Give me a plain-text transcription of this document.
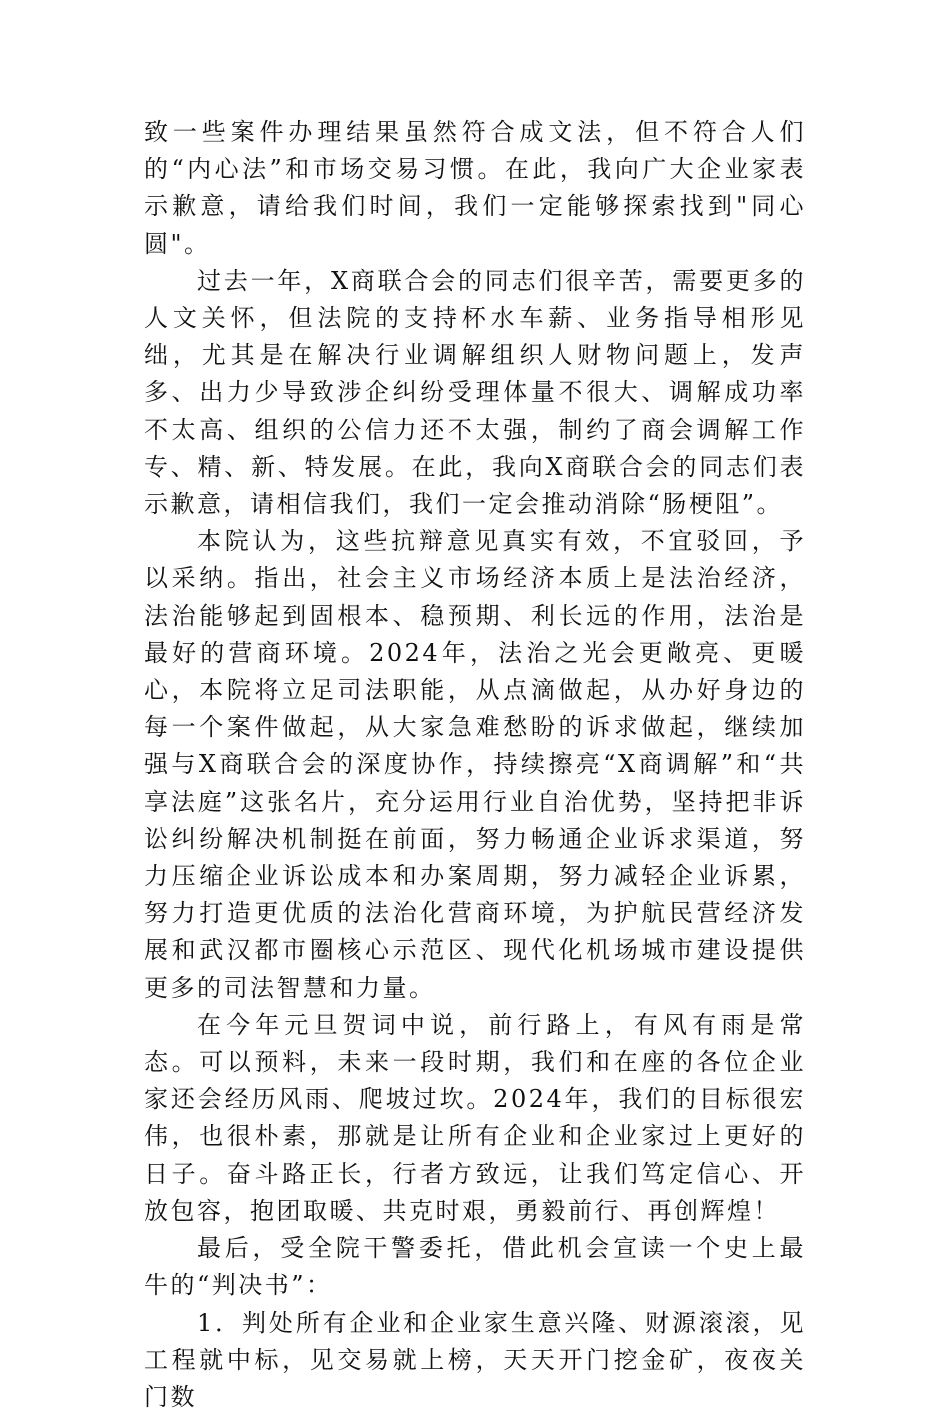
致一些案件办理结果虽然符合成文法，但不符合人们的“内心法”和市场交易习惯。在此，我向广大企业家表示歉意，请给我们时间，我们一定能够探索找到"同心圆"。

过去一年，X商联合会的同志们很辛苦，需要更多的人文关怀，但法院的支持杯水车薪、业务指导相形见绌，尤其是在解决行业调解组织人财物问题上，发声多、出力少导致涉企纠纷受理体量不很大、调解成功率不太高、组织的公信力还不太强，制约了商会调解工作专、精、新、特发展。在此，我向X商联合会的同志们表示歉意，请相信我们，我们一定会推动消除“肠梗阻”。

本院认为，这些抗辩意见真实有效，不宜驳回，予以采纳。指出，社会主义市场经济本质上是法治经济，法治能够起到固根本、稳预期、利长远的作用，法治是最好的营商环境。2024年，法治之光会更敞亮、更暖心，本院将立足司法职能，从点滴做起，从办好身边的每一个案件做起，从大家急难愁盼的诉求做起，继续加强与X商联合会的深度协作，持续擦亮“X商调解”和“共享法庭”这张名片，充分运用行业自治优势，坚持把非诉讼纠纷解决机制挺在前面，努力畅通企业诉求渠道，努力压缩企业诉讼成本和办案周期，努力减轻企业诉累，努力打造更优质的法治化营商环境，为护航民营经济发展和武汉都市圈核心示范区、现代化机场城市建设提供更多的司法智慧和力量。

在今年元旦贺词中说，前行路上，有风有雨是常态。可以预料，未来一段时期，我们和在座的各位企业家还会经历风雨、爬坡过坎。2024年，我们的目标很宏伟，也很朴素，那就是让所有企业和企业家过上更好的日子。奋斗路正长，行者方致远，让我们笃定信心、开放包容，抱团取暖、共克时艰，勇毅前行、再创辉煌！

最后，受全院干警委托，借此机会宣读一个史上最牛的“判决书”：

1．判处所有企业和企业家生意兴隆、财源滚滚，见工程就中标，见交易就上榜，天天开门挖金矿，夜夜关门数
